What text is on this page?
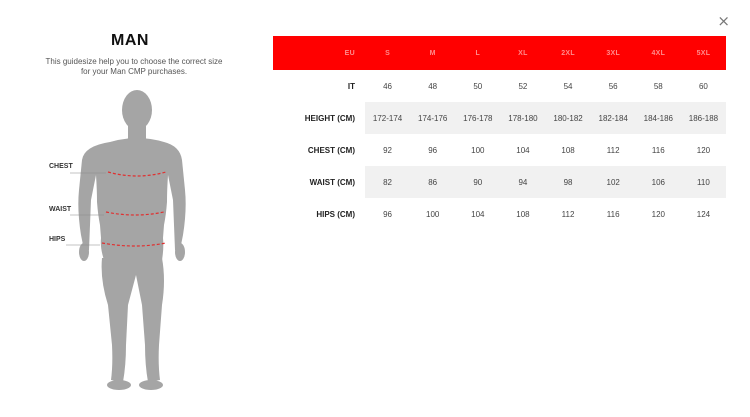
×
MAN
This guidesize help you to choose the correct size
for your Man CMP purchases.
CHEST
WAIST
HIPS
EU	S	M	L	XL	2XL	3XL	4XL	5XL
IT	46	48	50	52	54	56	58	60
HEIGHT (CM)	172-174	174-176	176-178	178-180	180-182	182-184	184-186	186-188
CHEST (CM)	92	96	100	104	108	112	116	120
WAIST (CM)	82	86	90	94	98	102	106	110
HIPS (CM)	96	100	104	108	112	116	120	124
